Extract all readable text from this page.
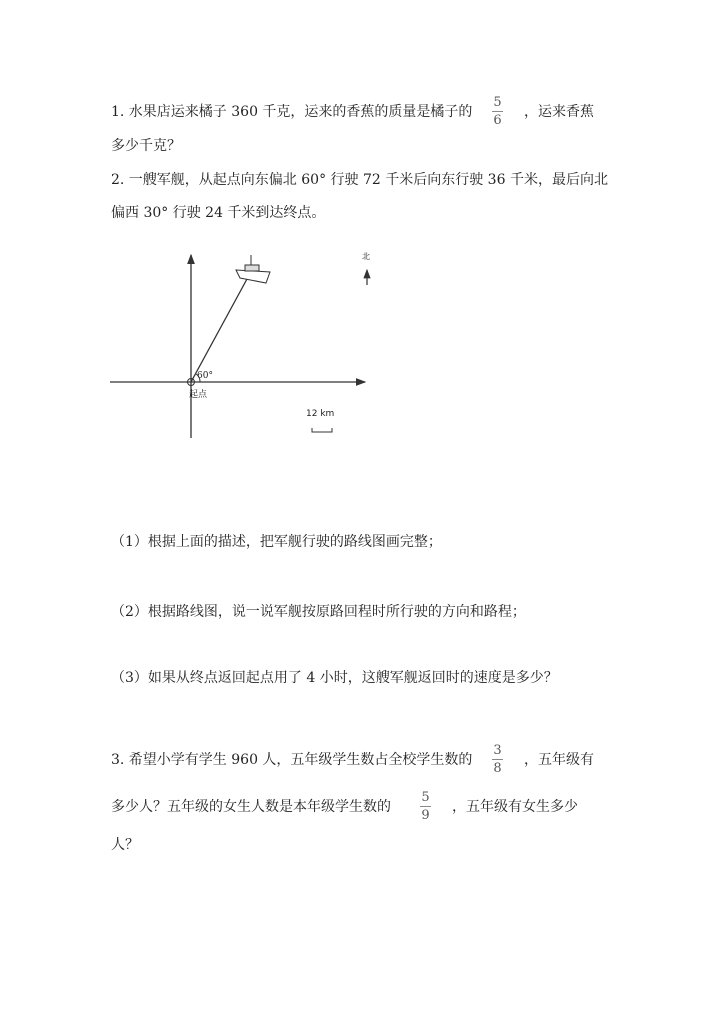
1. 水果店运来橘子 360 千克，运来的香蕉的质量是橘子的
5
6
，运来香蕉
多少千克？
2. 一艘军舰，从起点向东偏北 60° 行驶 72 千米后向东行驶 36 千米，最后向北
偏西 30° 行驶 24 千米到达终点。
60°
起点
北
12 km
（1）根据上面的描述，把军舰行驶的路线图画完整；
（2）根据路线图，说一说军舰按原路回程时所行驶的方向和路程；
（3）如果从终点返回起点用了 4 小时，这艘军舰返回时的速度是多少？
3. 希望小学有学生 960 人，五年级学生数占全校学生数的
3
8
，五年级有
多少人？五年级的女生人数是本年级学生数的
5
9
，五年级有女生多少
人？
